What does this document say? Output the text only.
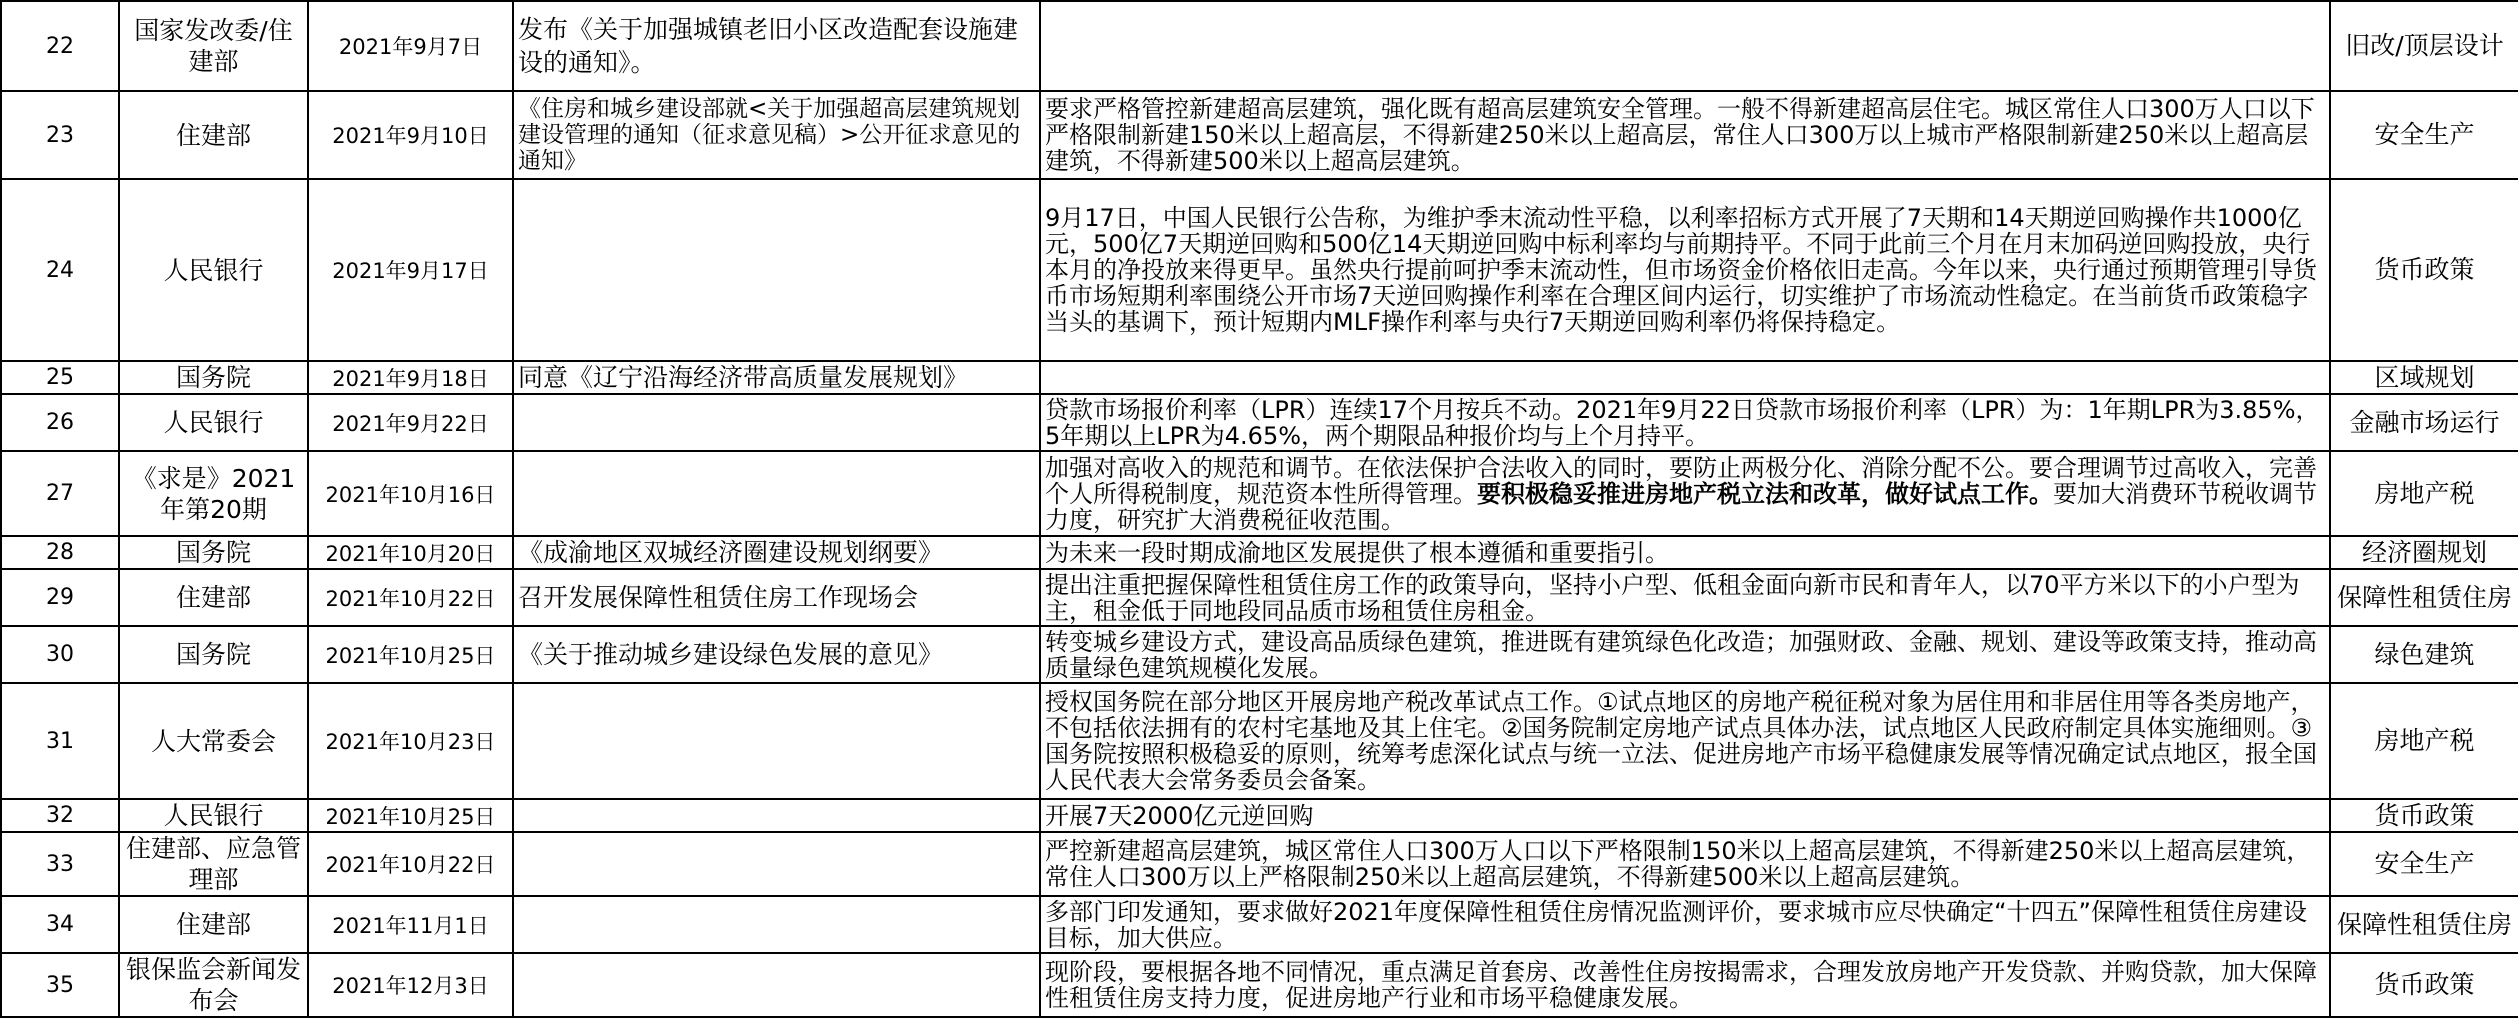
22	国家发改委/住建部	2021年9月7日	发布《关于加强城镇老旧小区改造配套设施建设的通知》。		旧改/顶层设计
23	住建部	2021年9月10日	《住房和城乡建设部就<关于加强超高层建筑规划建设管理的通知（征求意见稿）>公开征求意见的通知》	要求严格管控新建超高层建筑，强化既有超高层建筑安全管理。一般不得新建超高层住宅。城区常住人口300万人口以下严格限制新建150米以上超高层，不得新建250米以上超高层，常住人口300万以上城市严格限制新建250米以上超高层建筑，不得新建500米以上超高层建筑。	安全生产
24	人民银行	2021年9月17日		9月17日，中国人民银行公告称，为维护季末流动性平稳，以利率招标方式开展了7天期和14天期逆回购操作共1000亿元，500亿7天期逆回购和500亿14天期逆回购中标利率均与前期持平。不同于此前三个月在月末加码逆回购投放，央行本月的净投放来得更早。虽然央行提前呵护季末流动性，但市场资金价格依旧走高。今年以来，央行通过预期管理引导货币市场短期利率围绕公开市场7天逆回购操作利率在合理区间内运行，切实维护了市场流动性稳定。在当前货币政策稳字当头的基调下，预计短期内MLF操作利率与央行7天期逆回购利率仍将保持稳定。	货币政策
25	国务院	2021年9月18日	同意《辽宁沿海经济带高质量发展规划》		区域规划
26	人民银行	2021年9月22日		贷款市场报价利率（LPR）连续17个月按兵不动。2021年9月22日贷款市场报价利率（LPR）为：1年期LPR为3.85%，5年期以上LPR为4.65%，两个期限品种报价均与上个月持平。	金融市场运行
27	《求是》2021年第20期	2021年10月16日		加强对高收入的规范和调节。在依法保护合法收入的同时，要防止两极分化、消除分配不公。要合理调节过高收入，完善个人所得税制度，规范资本性所得管理。要积极稳妥推进房地产税立法和改革，做好试点工作。要加大消费环节税收调节力度，研究扩大消费税征收范围。	房地产税
28	国务院	2021年10月20日	《成渝地区双城经济圈建设规划纲要》	为未来一段时期成渝地区发展提供了根本遵循和重要指引。	经济圈规划
29	住建部	2021年10月22日	召开发展保障性租赁住房工作现场会	提出注重把握保障性租赁住房工作的政策导向，坚持小户型、低租金面向新市民和青年人，以70平方米以下的小户型为主，租金低于同地段同品质市场租赁住房租金。	保障性租赁住房
30	国务院	2021年10月25日	《关于推动城乡建设绿色发展的意见》	转变城乡建设方式，建设高品质绿色建筑，推进既有建筑绿色化改造；加强财政、金融、规划、建设等政策支持，推动高质量绿色建筑规模化发展。	绿色建筑
31	人大常委会	2021年10月23日		授权国务院在部分地区开展房地产税改革试点工作。①试点地区的房地产税征税对象为居住用和非居住用等各类房地产，不包括依法拥有的农村宅基地及其上住宅。②国务院制定房地产试点具体办法，试点地区人民政府制定具体实施细则。③国务院按照积极稳妥的原则，统筹考虑深化试点与统一立法、促进房地产市场平稳健康发展等情况确定试点地区，报全国人民代表大会常务委员会备案。	房地产税
32	人民银行	2021年10月25日		开展7天2000亿元逆回购	货币政策
33	住建部、应急管理部	2021年10月22日		严控新建超高层建筑，城区常住人口300万人口以下严格限制150米以上超高层建筑，不得新建250米以上超高层建筑，常住人口300万以上严格限制250米以上超高层建筑，不得新建500米以上超高层建筑。	安全生产
34	住建部	2021年11月1日		多部门印发通知，要求做好2021年度保障性租赁住房情况监测评价，要求城市应尽快确定“十四五”保障性租赁住房建设目标，加大供应。	保障性租赁住房
35	银保监会新闻发布会	2021年12月3日		现阶段，要根据各地不同情况，重点满足首套房、改善性住房按揭需求，合理发放房地产开发贷款、并购贷款，加大保障性租赁住房支持力度，促进房地产行业和市场平稳健康发展。	货币政策
